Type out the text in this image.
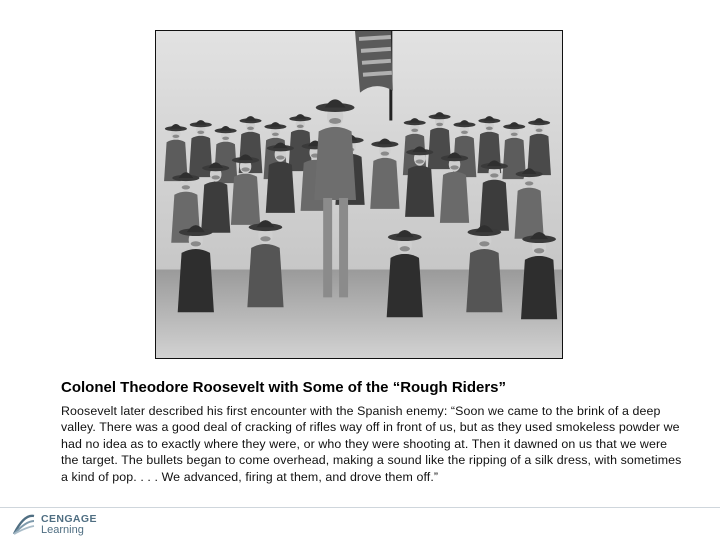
Colonel Theodore Roosevelt with Some of the “Rough Riders”
Roosevelt later described his first encounter with the Spanish enemy: “Soon we came to the brink of a deep valley. There was a good deal of cracking of rifles way off in front of us, but as they used smokeless powder we had no idea as to exactly where they were, or who they were shooting at. Then it dawned on us that we were the target. The bullets began to come overhead, making a sound like the ripping of a silk dress, with sometimes a kind of pop. . . . We advanced, firing at them, and drove them off.”
CENGAGE
Learning
